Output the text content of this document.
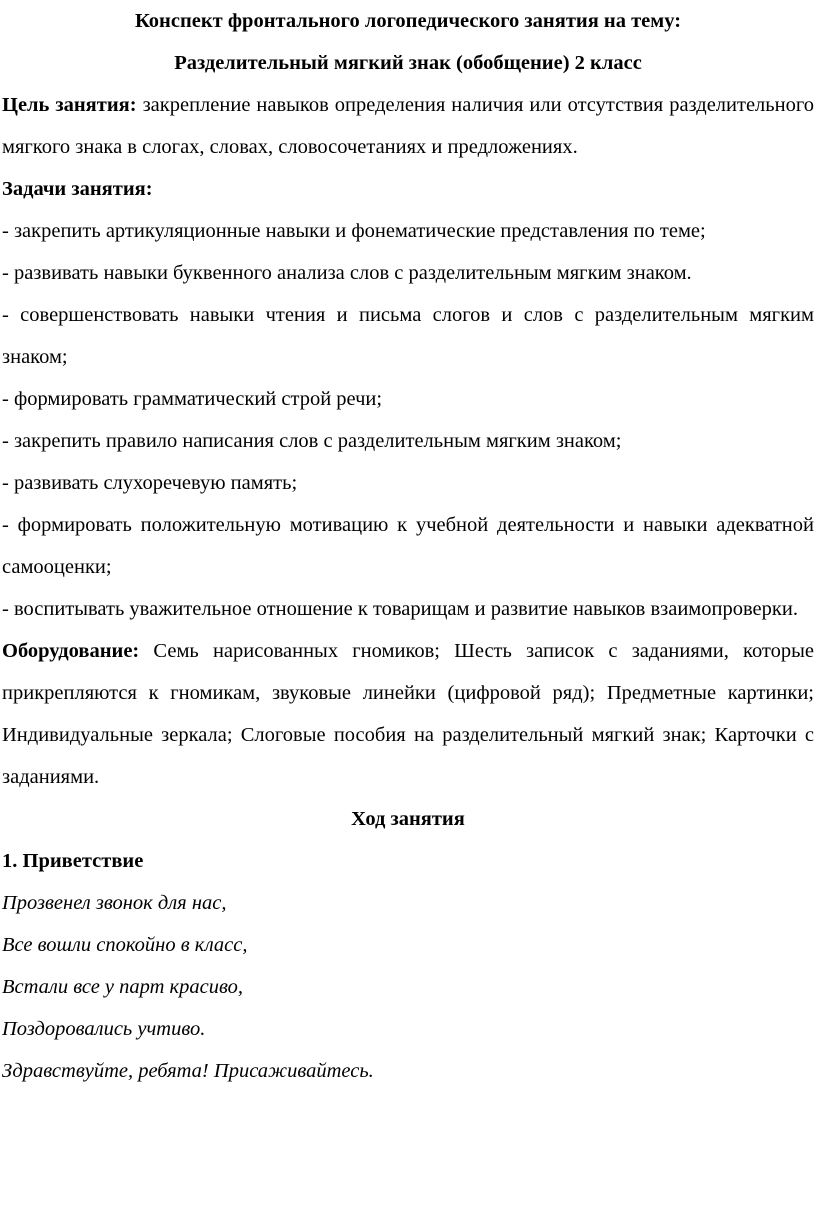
Конспект фронтального логопедического занятия на тему:
Разделительный мягкий знак (обобщение) 2 класс

Цель занятия: закрепление навыков определения наличия или отсутствия разделительного мягкого знака в слогах, словах, словосочетаниях и предложениях.

Задачи занятия:

- закрепить артикуляционные навыки и фонематические представления по теме;

- развивать навыки буквенного анализа слов с разделительным мягким знаком.

- совершенствовать навыки чтения и письма слогов и слов с разделительным мягким знаком;

- формировать грамматический строй речи;

- закрепить правило написания слов с разделительным мягким знаком;

- развивать слухоречевую память;

- формировать положительную мотивацию к учебной деятельности и навыки адекватной самооценки;

- воспитывать уважительное отношение к товарищам и развитие навыков взаимопроверки.

Оборудование: Семь нарисованных гномиков; Шесть записок с заданиями, которые прикрепляются к гномикам, звуковые линейки (цифровой ряд); Предметные картинки; Индивидуальные зеркала; Слоговые пособия на разделительный мягкий знак; Карточки с заданиями.

Ход занятия

1. Приветствие

Прозвенел звонок для нас,

Все вошли спокойно в класс,

Встали все у парт красиво,

Поздоровались учтиво.

Здравствуйте, ребята! Присаживайтесь.
